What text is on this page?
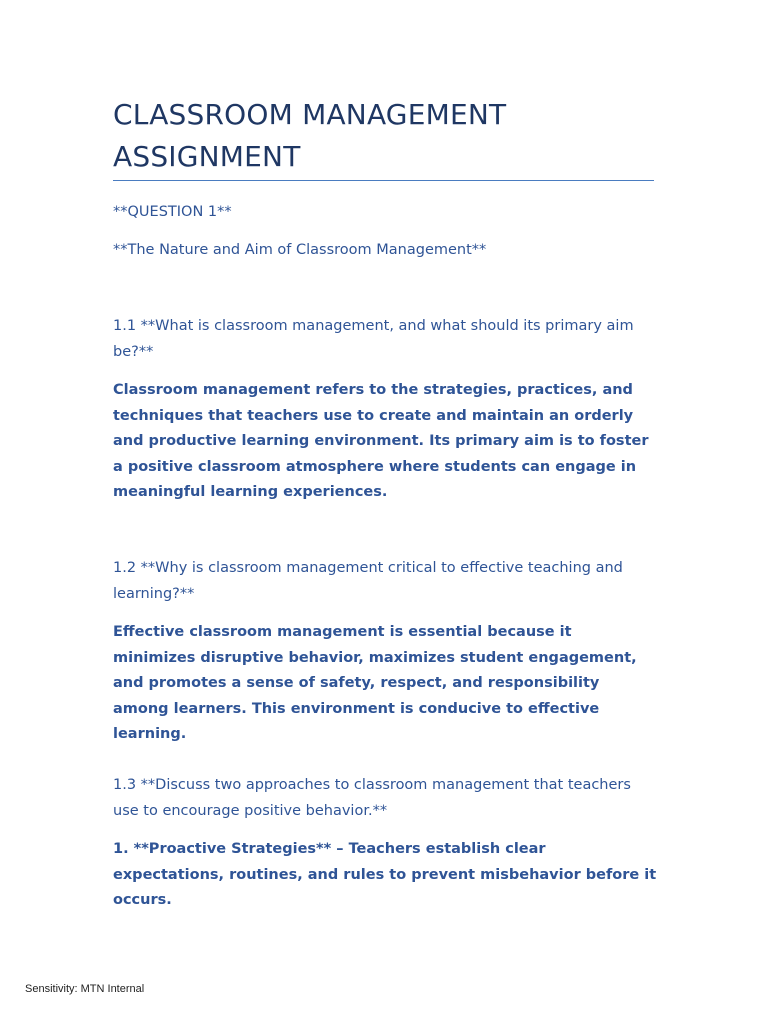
CLASSROOM MANAGEMENT ASSIGNMENT

**QUESTION 1**

**The Nature and Aim of Classroom Management**

1.1 **What is classroom management, and what should its primary aim be?**

Classroom management refers to the strategies, practices, and techniques that teachers use to create and maintain an orderly and productive learning environment. Its primary aim is to foster a positive classroom atmosphere where students can engage in meaningful learning experiences.

1.2 **Why is classroom management critical to effective teaching and learning?**

Effective classroom management is essential because it minimizes disruptive behavior, maximizes student engagement, and promotes a sense of safety, respect, and responsibility among learners. This environment is conducive to effective learning.

1.3 **Discuss two approaches to classroom management that teachers use to encourage positive behavior.**

1. **Proactive Strategies** – Teachers establish clear expectations, routines, and rules to prevent misbehavior before it occurs.

Sensitivity: MTN Internal
